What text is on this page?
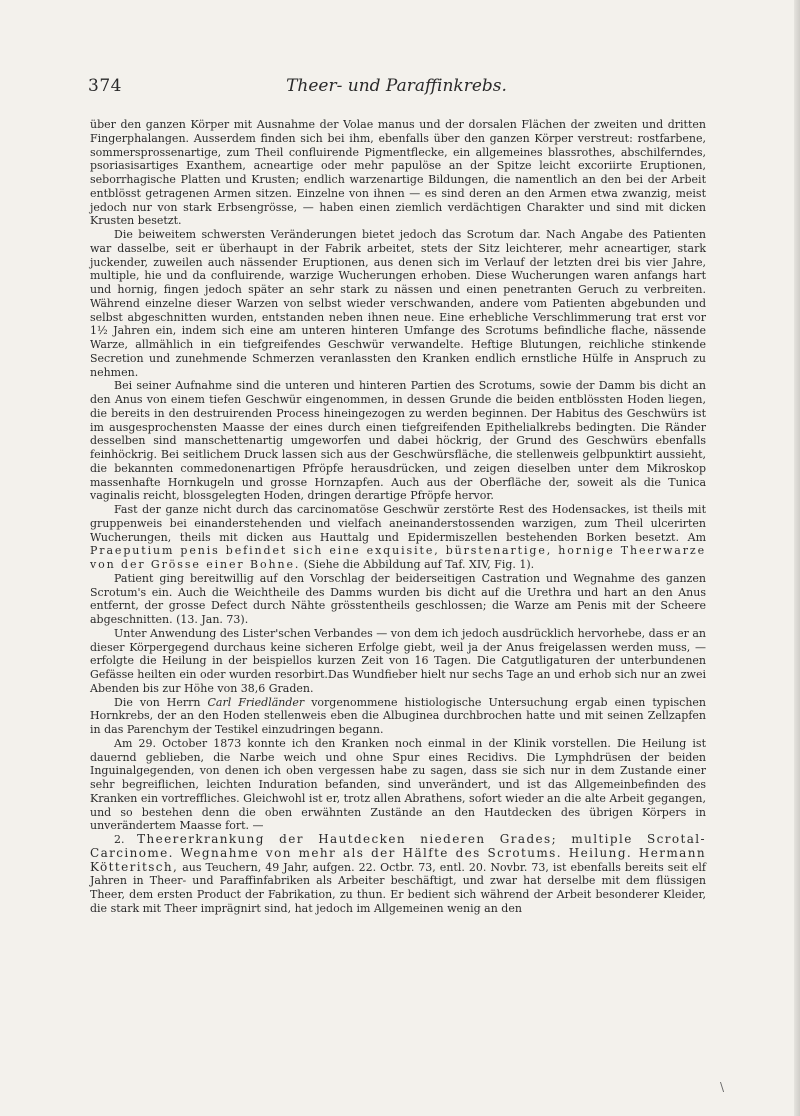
374	Theer- und Paraffinkrebs.

über den ganzen Körper mit Ausnahme der Volae manus und der dorsalen Flächen der zweiten und dritten Fingerphalangen. Ausserdem finden sich bei ihm, ebenfalls über den ganzen Körper verstreut: rostfarbene, sommersprossenartige, zum Theil confluirende Pigmentflecke, ein allgemeines blassrothes, abschilferndes, psoriasisartiges Exanthem, acneartige oder mehr papulöse an der Spitze leicht excoriirte Eruptionen, seborrhagische Platten und Krusten; endlich warzenartige Bildungen, die namentlich an den bei der Arbeit entblösst getragenen Armen sitzen. Einzelne von ihnen — es sind deren an den Armen etwa zwanzig, meist jedoch nur von stark Erbsengrösse, — haben einen ziemlich verdächtigen Charakter und sind mit dicken Krusten besetzt.

Die beiweitem schwersten Veränderungen bietet jedoch das Scrotum dar. Nach Angabe des Patienten war dasselbe, seit er überhaupt in der Fabrik arbeitet, stets der Sitz leichterer, mehr acneartiger, stark juckender, zuweilen auch nässender Eruptionen, aus denen sich im Verlauf der letzten drei bis vier Jahre, multiple, hie und da confluirende, warzige Wucherungen erhoben. Diese Wucherungen waren anfangs hart und hornig, fingen jedoch später an sehr stark zu nässen und einen penetranten Geruch zu verbreiten. Während einzelne dieser Warzen von selbst wieder verschwanden, andere vom Patienten abgebunden und selbst abgeschnitten wurden, entstanden neben ihnen neue. Eine erhebliche Verschlimmerung trat erst vor 1½ Jahren ein, indem sich eine am unteren hinteren Umfange des Scrotums befindliche flache, nässende Warze, allmählich in ein tiefgreifendes Geschwür verwandelte. Heftige Blutungen, reichliche stinkende Secretion und zunehmende Schmerzen veranlassten den Kranken endlich ernstliche Hülfe in Anspruch zu nehmen.

Bei seiner Aufnahme sind die unteren und hinteren Partien des Scrotums, sowie der Damm bis dicht an den Anus von einem tiefen Geschwür eingenommen, in dessen Grunde die beiden entblössten Hoden liegen, die bereits in den destruirenden Process hineingezogen zu werden beginnen. Der Habitus des Geschwürs ist im ausgesprochensten Maasse der eines durch einen tiefgreifenden Epithelialkrebs bedingten. Die Ränder desselben sind manschettenartig umgeworfen und dabei höckrig, der Grund des Geschwürs ebenfalls feinhöckrig. Bei seitlichem Druck lassen sich aus der Geschwürsfläche, die stellenweis gelbpunktirt aussieht, die bekannten commedonenartigen Pfröpfe herausdrücken, und zeigen dieselben unter dem Mikroskop massenhafte Hornkugeln und grosse Hornzapfen. Auch aus der Oberfläche der, soweit als die Tunica vaginalis reicht, blossgelegten Hoden, dringen derartige Pfröpfe hervor.

Fast der ganze nicht durch das carcinomatöse Geschwür zerstörte Rest des Hodensackes, ist theils mit gruppenweis bei einanderstehenden und vielfach aneinanderstossenden warzigen, zum Theil ulcerirten Wucherungen, theils mit dicken aus Hauttalg und Epidermiszellen bestehenden Borken besetzt. Am Praeputium penis befindet sich eine exquisite, bürstenartige, hornige Theerwarze von der Grösse einer Bohne. (Siehe die Abbildung auf Taf. XIV, Fig. 1).

Patient ging bereitwillig auf den Vorschlag der beiderseitigen Castration und Wegnahme des ganzen Scrotum's ein. Auch die Weichtheile des Damms wurden bis dicht auf die Urethra und hart an den Anus entfernt, der grosse Defect durch Nähte grösstentheils geschlossen; die Warze am Penis mit der Scheere abgeschnitten. (13. Jan. 73).

Unter Anwendung des Lister'schen Verbandes — von dem ich jedoch ausdrücklich hervorhebe, dass er an dieser Körpergegend durchaus keine sicheren Erfolge giebt, weil ja der Anus freigelassen werden muss, — erfolgte die Heilung in der beispiellos kurzen Zeit von 16 Tagen. Die Catgutligaturen der unterbundenen Gefässe heilten ein oder wurden resorbirt.Das Wundfieber hielt nur sechs Tage an und erhob sich nur an zwei Abenden bis zur Höhe von 38,6 Graden.

Die von Herrn Carl Friedländer vorgenommene histiologische Untersuchung ergab einen typischen Hornkrebs, der an den Hoden stellenweis eben die Albuginea durchbrochen hatte und mit seinen Zellzapfen in das Parenchym der Testikel einzudringen begann.

Am 29. October 1873 konnte ich den Kranken noch einmal in der Klinik vorstellen. Die Heilung ist dauernd geblieben, die Narbe weich und ohne Spur eines Recidivs. Die Lymphdrüsen der beiden Inguinalgegenden, von denen ich oben vergessen habe zu sagen, dass sie sich nur in dem Zustande einer sehr begreiflichen, leichten Induration befanden, sind unverändert, und ist das Allgemeinbefinden des Kranken ein vortreffliches. Gleichwohl ist er, trotz allen Abrathens, sofort wieder an die alte Arbeit gegangen, und so bestehen denn die oben erwähnten Zustände an den Hautdecken des übrigen Körpers in unverändertem Maasse fort. —

2. Theererkrankung der Hautdecken niederen Grades; multiple Scrotal-Carcinome. Wegnahme von mehr als der Hälfte des Scrotums. Heilung. Hermann Kötteritsch, aus Teuchern, 49 Jahr, aufgen. 22. Octbr. 73, entl. 20. Novbr. 73, ist ebenfalls bereits seit elf Jahren in Theer- und Paraffinfabriken als Arbeiter beschäftigt, und zwar hat derselbe mit dem flüssigen Theer, dem ersten Product der Fabrikation, zu thun. Er bedient sich während der Arbeit besonderer Kleider, die stark mit Theer imprägnirt sind, hat jedoch im Allgemeinen wenig an den

\
